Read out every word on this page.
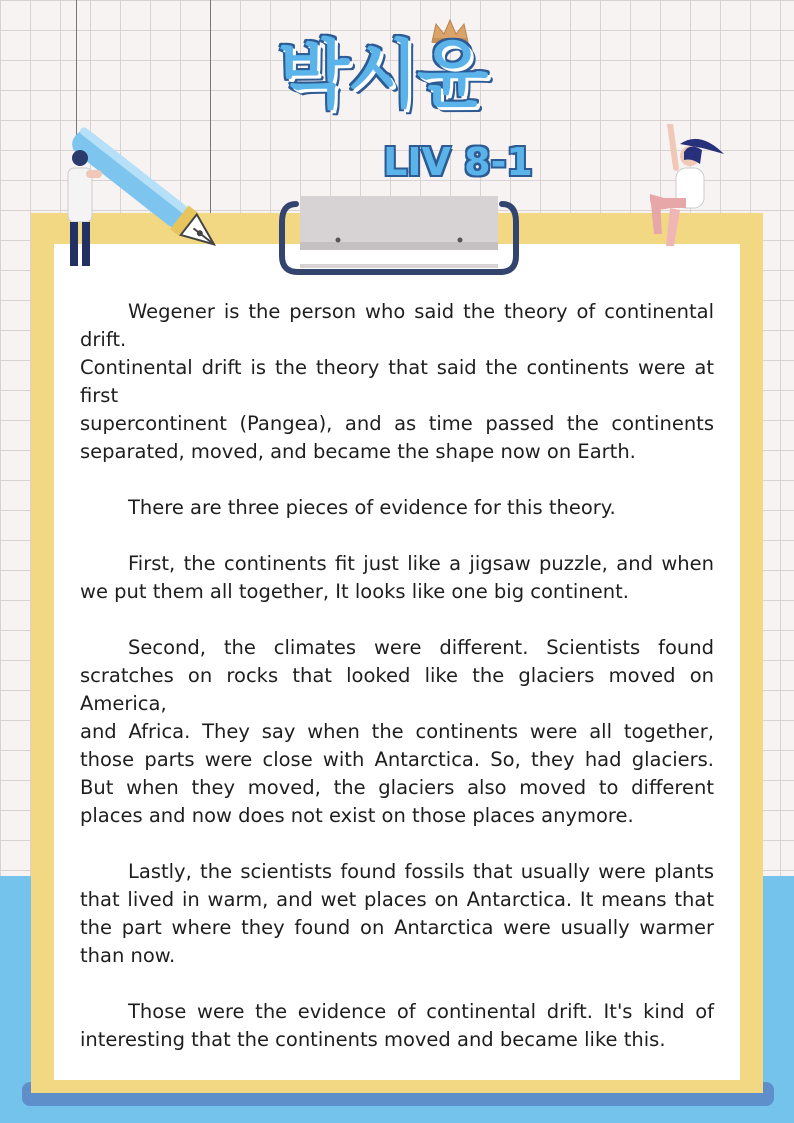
박시윤
LIV 8-1

Wegener is the person who said the theory of continental drift.
Continental drift is the theory that said the continents were at first
supercontinent (Pangea), and as time passed the continents separated, moved, and became the shape now on Earth.

There are three pieces of evidence for this theory.

First, the continents fit just like a jigsaw puzzle, and when we put them all together, It looks like one big continent.

Second, the climates were different. Scientists found scratches on rocks that looked like the glaciers moved on America,
and Africa. They say when the continents were all together, those parts were close with Antarctica. So, they had glaciers. But when they moved, the glaciers also moved to different places and now does not exist on those places anymore.

Lastly, the scientists found fossils that usually were plants that lived in warm, and wet places on Antarctica. It means that the part where they found on Antarctica were usually warmer than now.

Those were the evidence of continental drift. It's kind of interesting that the continents moved and became like this.
